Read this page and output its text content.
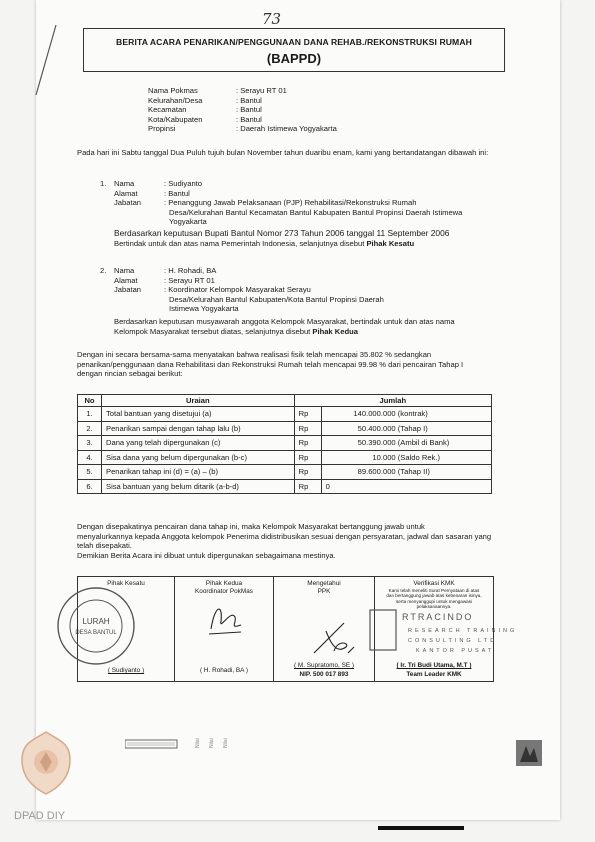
73
BERITA ACARA PENARIKAN/PENGGUNAAN DANA REHAB./REKONSTRUKSI RUMAH
(BAPPD)
Nama Pokmas	: Serayu RT 01
Kelurahan/Desa	: Bantul
Kecamatan	: Bantul
Kota/Kabupaten	: Bantul
Propinsi	: Daerah Istimewa Yogyakarta
Pada hari ini Sabtu tanggal Dua Puluh tujuh bulan November tahun duaribu enam, kami yang bertandatangan dibawah ini:
1.	Nama	: Sudiyanto
Alamat	: Bantul
Jabatan	: Penanggung Jawab Pelaksanaan (PJP) Rehabilitasi/Rekonstruksi Rumah
Desa/Kelurahan Bantul Kecamatan Bantul Kabupaten Bantul Propinsi Daerah Istimewa
Yogyakarta
Berdasarkan keputusan Bupati Bantul Nomor 273 Tahun 2006 tanggal 11 September 2006
Bertindak untuk dan atas nama Pemerintah Indonesia, selanjutnya disebut Pihak Kesatu
2.	Nama	: H. Rohadi, BA
Alamat	: Serayu RT 01
Jabatan	: Koordinator Kelompok Masyarakat Serayu
Desa/Kelurahan Bantul Kabupaten/Kota Bantul Propinsi Daerah
Istimewa Yogyakarta
Berdasarkan keputusan musyawarah anggota Kelompok Masyarakat, bertindak untuk dan atas nama
Kelompok Masyarakat tersebut diatas, selanjutnya disebut Pihak Kedua
Dengan ini secara bersama-sama menyatakan bahwa realisasi fisik telah mencapai 35.802 % sedangkan
penarikan/penggunaan dana Rehabilitasi dan Rekonstruksi Rumah telah mencapai 99.98 % dari pencairan Tahap I
dengan rincian sebagai berikut:
No	Uraian	Jumlah	
1.	Total bantuan yang disetujui (a)	Rp	140.000.000 (kontrak)
2.	Penarikan sampai dengan tahap lalu (b)	Rp	50.400.000 (Tahap I)
3.	Dana yang telah dipergunakan (c)	Rp	50.390.000 (Ambil di Bank)
4.	Sisa dana yang belum dipergunakan (b-c)	Rp	10.000 (Saldo Rek.)
5.	Penarikan tahap ini (d) = (a) – (b)	Rp	89.600.000 (Tahap II)
6.	Sisa bantuan yang belum ditarik (a-b-d)	Rp	0
Dengan disepakatinya pencairan dana tahap ini, maka Kelompok Masyarakat bertanggung jawab untuk
menyalurkannya kepada Anggota kelompok Penerima didistribusikan sesuai dengan persyaratan, jadwal dan sasaran yang
telah disepakati.
Demikian Berita Acara ini dibuat untuk dipergunakan sebagaimana mestinya.
Pihak Kesatu
( Sudiyanto )
Pihak Kedua
Koordinator PokMas
( H. Rohadi, BA )
Mengetahui
PPK
( M. Supratomo, SE )
NIP. 500 017 893
Verifikasi KMK
Kami telah meneliti Surat Pernyataan di atas dan bertanggung jawab atas kebenaran isinya, serta menyanggupi untuk mengawasi pelaksanaannya.
( Ir. Tri Budi Utama, M.T )
Team Leader KMK
LURAH
DESA BANTUL
RTRACINDO
RESEARCH TRAINING
CONSULTING LTD
KANTOR PUSAT
Nilai Nilai Nilai
DPAD DIY
